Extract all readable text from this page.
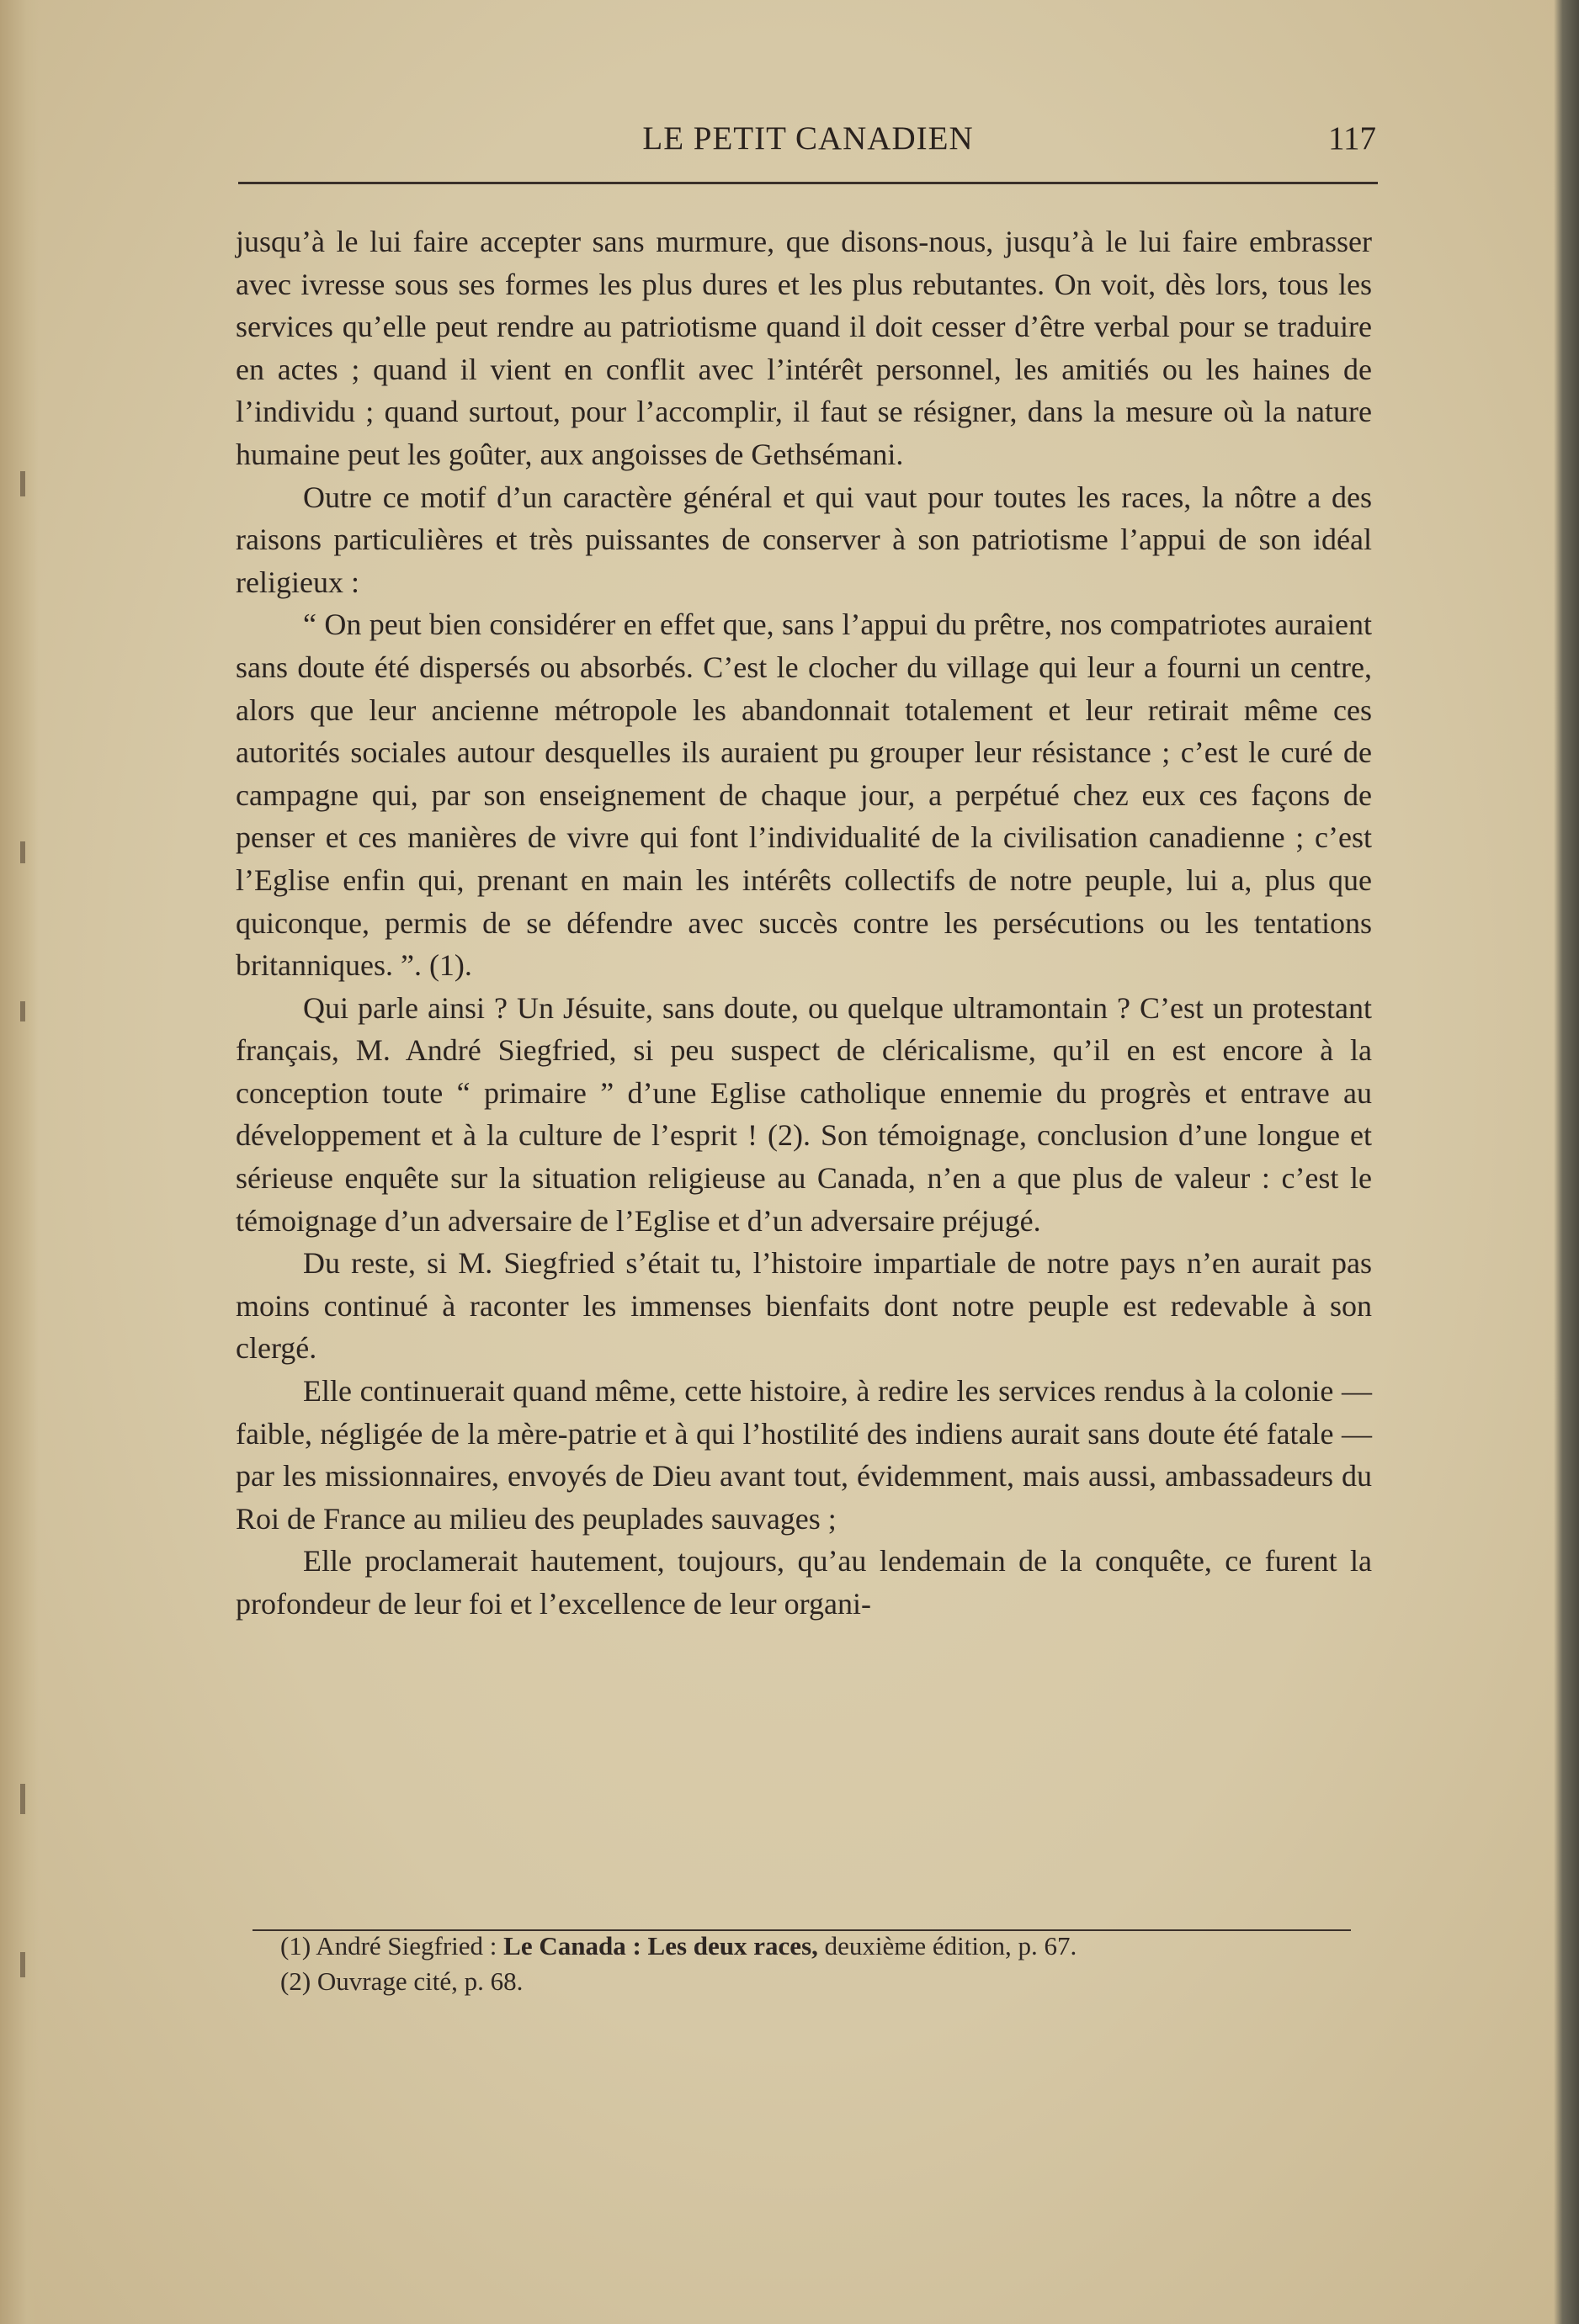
LE PETIT CANADIEN	117

jusqu’à le lui faire accepter sans murmure, que disons-nous, jusqu’à le lui faire embrasser avec ivresse sous ses formes les plus dures et les plus rebutantes. On voit, dès lors, tous les services qu’elle peut rendre au patriotisme quand il doit cesser d’être verbal pour se traduire en actes ; quand il vient en conflit avec l’intérêt personnel, les amitiés ou les haines de l’individu ; quand surtout, pour l’accomplir, il faut se résigner, dans la mesure où la nature humaine peut les goûter, aux angoisses de Gethsémani.

Outre ce motif d’un caractère général et qui vaut pour toutes les races, la nôtre a des raisons particulières et très puissantes de conserver à son patriotisme l’appui de son idéal religieux :

“ On peut bien considérer en effet que, sans l’appui du prêtre, nos compatriotes auraient sans doute été dispersés ou absorbés. C’est le clocher du village qui leur a fourni un centre, alors que leur ancienne métropole les abandonnait totalement et leur retirait même ces autorités sociales autour desquelles ils auraient pu grouper leur résistance ; c’est le curé de campagne qui, par son enseignement de chaque jour, a perpétué chez eux ces façons de penser et ces manières de vivre qui font l’individualité de la civilisation canadienne ; c’est l’Eglise enfin qui, prenant en main les intérêts collectifs de notre peuple, lui a, plus que quiconque, permis de se défendre avec succès contre les persécutions ou les tentations britanniques. ”. (1).

Qui parle ainsi ? Un Jésuite, sans doute, ou quelque ultramontain ? C’est un protestant français, M. André Siegfried, si peu suspect de cléricalisme, qu’il en est encore à la conception toute “ primaire ” d’une Eglise catholique ennemie du progrès et entrave au développement et à la culture de l’esprit ! (2). Son témoignage, conclusion d’une longue et sérieuse enquête sur la situation religieuse au Canada, n’en a que plus de valeur : c’est le témoignage d’un adversaire de l’Eglise et d’un adversaire préjugé.

Du reste, si M. Siegfried s’était tu, l’histoire impartiale de notre pays n’en aurait pas moins continué à raconter les immenses bienfaits dont notre peuple est redevable à son clergé.

Elle continuerait quand même, cette histoire, à redire les services rendus à la colonie — faible, négligée de la mère-patrie et à qui l’hostilité des indiens aurait sans doute été fatale — par les missionnaires, envoyés de Dieu avant tout, évidemment, mais aussi, ambassadeurs du Roi de France au milieu des peuplades sauvages ;

Elle proclamerait hautement, toujours, qu’au lendemain de la conquête, ce furent la profondeur de leur foi et l’excellence de leur organi-

(1) André Siegfried : Le Canada : Les deux races, deuxième édition, p. 67.
(2) Ouvrage cité, p. 68.
